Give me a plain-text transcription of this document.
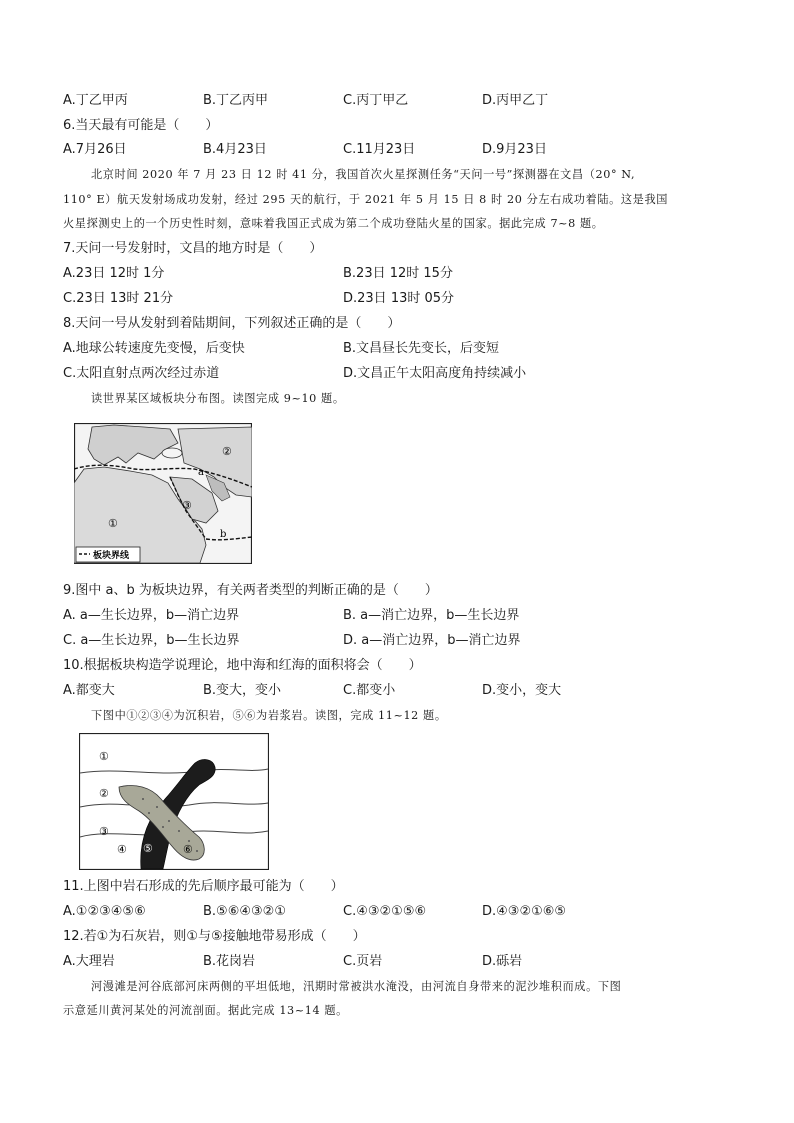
A.丁乙甲丙	B.丁乙丙甲	C.丙丁甲乙	D.丙甲乙丁
6.当天最有可能是（　　）
A.7月26日	B.4月23日	C.11月23日	D.9月23日
北京时间 2020 年 7 月 23 日 12 时 41 分，我国首次火星探测任务“天问一号”探测器在文昌（20° N,
110° E）航天发射场成功发射，经过 295 天的航行，于 2021 年 5 月 15 日 8 时 20 分左右成功着陆。这是我国
火星探测史上的一个历史性时刻，意味着我国正式成为第二个成功登陆火星的国家。据此完成 7~8 题。
7.天问一号发射时，文昌的地方时是（　　）
A.23日 12时 1分	B.23日 12时 15分
C.23日 13时 21分	D.23日 13时 05分
8.天问一号从发射到着陆期间，下列叙述正确的是（　　）
A.地球公转速度先变慢，后变快	B.文昌昼长先变长，后变短
C.太阳直射点两次经过赤道	D.文昌正午太阳高度角持续减小
读世界某区域板块分布图。读图完成 9~10 题。
②
a
③
①
b
板块界线
9.图中 a、b 为板块边界，有关两者类型的判断正确的是（　　）
A. a—生长边界，b—消亡边界	B. a—消亡边界，b—生长边界
C. a—生长边界，b—生长边界	D. a—消亡边界，b—消亡边界
10.根据板块构造学说理论，地中海和红海的面积将会（　　）
A.都变大	B.变大，变小	C.都变小	D.变小，变大
下图中①②③④为沉积岩，⑤⑥为岩浆岩。读图，完成 11~12 题。
①
②
③
④ ⑤	⑥
11.上图中岩石形成的先后顺序最可能为（　　）
A.①②③④⑤⑥	B.⑤⑥④③②①	C.④③②①⑤⑥	D.④③②①⑥⑤
12.若①为石灰岩，则①与⑤接触地带易形成（　　）
A.大理岩	B.花岗岩	C.页岩	D.砾岩
河漫滩是河谷底部河床两侧的平坦低地，汛期时常被洪水淹没，由河流自身带来的泥沙堆积而成。下图
示意延川黄河某处的河流剖面。据此完成 13~14 题。
